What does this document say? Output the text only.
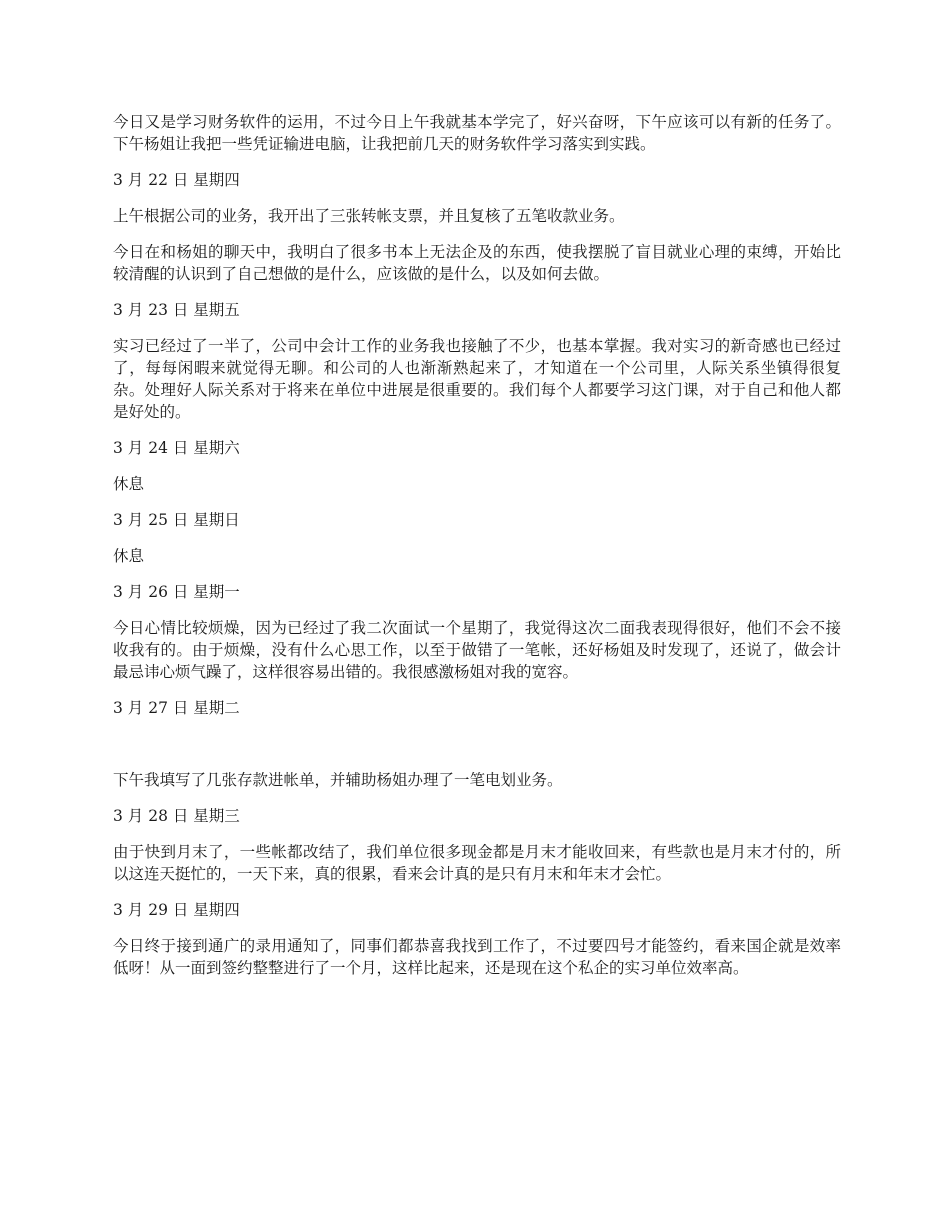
今日又是学习财务软件的运用，不过今日上午我就基本学完了，好兴奋呀，下午应该可以有新的任务了。下午杨姐让我把一些凭证输进电脑，让我把前几天的财务软件学习落实到实践。

3 月 22 日 星期四

上午根据公司的业务，我开出了三张转帐支票，并且复核了五笔收款业务。

今日在和杨姐的聊天中，我明白了很多书本上无法企及的东西，使我摆脱了盲目就业心理的束缚，开始比较清醒的认识到了自己想做的是什么，应该做的是什么，以及如何去做。

3 月 23 日 星期五

实习已经过了一半了，公司中会计工作的业务我也接触了不少，也基本掌握。我对实习的新奇感也已经过了，每每闲暇来就觉得无聊。和公司的人也渐渐熟起来了，才知道在一个公司里，人际关系坐镇得很复杂。处理好人际关系对于将来在单位中进展是很重要的。我们每个人都要学习这门课，对于自己和他人都是好处的。

3 月 24 日 星期六

休息

3 月 25 日 星期日

休息

3 月 26 日 星期一

今日心情比较烦燥，因为已经过了我二次面试一个星期了，我觉得这次二面我表现得很好，他们不会不接收我有的。由于烦燥，没有什么心思工作，以至于做错了一笔帐，还好杨姐及时发现了，还说了，做会计最忌讳心烦气躁了，这样很容易出错的。我很感激杨姐对我的宽容。

3 月 27 日 星期二

下午我填写了几张存款进帐单，并辅助杨姐办理了一笔电划业务。

3 月 28 日 星期三

由于快到月末了，一些帐都改结了，我们单位很多现金都是月末才能收回来，有些款也是月末才付的，所以这连天挺忙的，一天下来，真的很累，看来会计真的是只有月末和年末才会忙。

3 月 29 日 星期四

今日终于接到通广的录用通知了，同事们都恭喜我找到工作了，不过要四号才能签约，看来国企就是效率低呀！从一面到签约整整进行了一个月，这样比起来，还是现在这个私企的实习单位效率高。
